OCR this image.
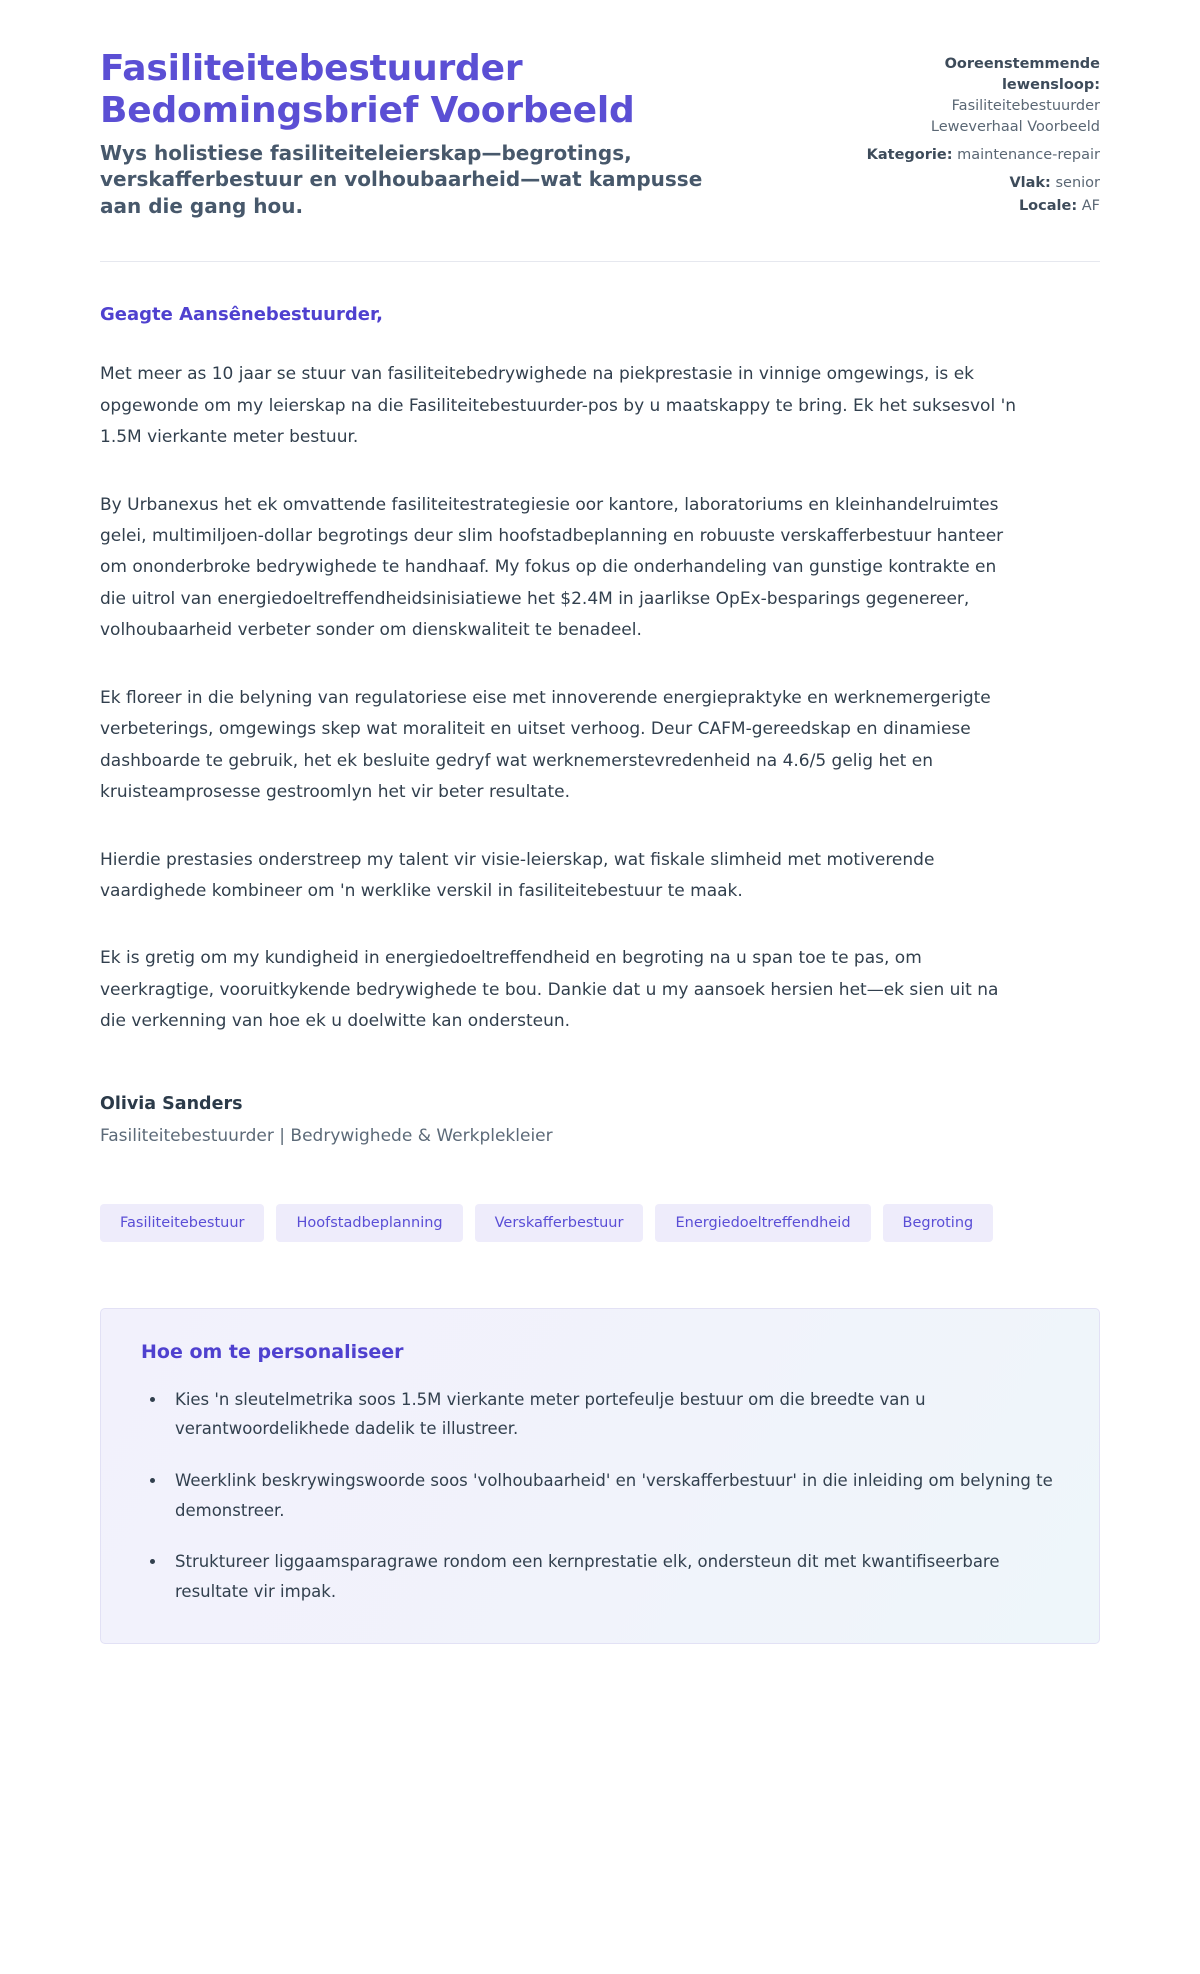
Fasiliteitebestuurder Bedomingsbrief Voorbeeld

Wys holistiese fasiliteiteleierskap—begrotings, verskafferbestuur en volhoubaarheid—wat kampusse aan die gang hou.

Ooreenstemmende lewensloop:
Fasiliteitebestuurder Leweverhaal Voorbeeld
Kategorie: maintenance-repair
Vlak: senior
Locale: AF

Geagte Aansênebestuurder,

Met meer as 10 jaar se stuur van fasiliteitebedrywighede na piekprestasie in vinnige omgewings, is ek opgewonde om my leierskap na die Fasiliteitebestuurder-pos by u maatskappy te bring. Ek het suksesvol 'n 1.5M vierkante meter bestuur.

By Urbanexus het ek omvattende fasiliteitestrategiesie oor kantore, laboratoriums en kleinhandelruimtes gelei, multimiljoen-dollar begrotings deur slim hoofstadbeplanning en robuuste verskafferbestuur hanteer om ononderbroke bedrywighede te handhaaf. My fokus op die onderhandeling van gunstige kontrakte en die uitrol van energiedoeltreffendheidsinisiatiewe het $2.4M in jaarlikse OpEx-besparings gegenereer, volhoubaarheid verbeter sonder om dienskwaliteit te benadeel.

Ek floreer in die belyning van regulatoriese eise met innoverende energiepraktyke en werknemergerigte verbeterings, omgewings skep wat moraliteit en uitset verhoog. Deur CAFM-gereedskap en dinamiese dashboarde te gebruik, het ek besluite gedryf wat werknemerstevredenheid na 4.6/5 gelig het en kruisteamprosesse gestroomlyn het vir beter resultate.

Hierdie prestasies onderstreep my talent vir visie-leierskap, wat fiskale slimheid met motiverende vaardighede kombineer om 'n werklike verskil in fasiliteitebestuur te maak.

Ek is gretig om my kundigheid in energiedoeltreffendheid en begroting na u span toe te pas, om veerkragtige, vooruitkykende bedrywighede te bou. Dankie dat u my aansoek hersien het—ek sien uit na die verkenning van hoe ek u doelwitte kan ondersteun.

Olivia Sanders

Fasiliteitebestuurder | Bedrywighede & Werkplekleier

Fasiliteitebestuur	Hoofstadbeplanning	Verskafferbestuur	Energiedoeltreffendheid	Begroting
Hoe om te personaliseer
• Kies 'n sleutelmetrika soos 1.5M vierkante meter portefeulje bestuur om die breedte van u verantwoordelikhede dadelik te illustreer.
• Weerklink beskrywingswoorde soos 'volhoubaarheid' en 'verskafferbestuur' in die inleiding om belyning te demonstreer.
• Struktureer liggaamsparagrawe rondom een kernprestatie elk, ondersteun dit met kwantifiseerbare resultate vir impak.
